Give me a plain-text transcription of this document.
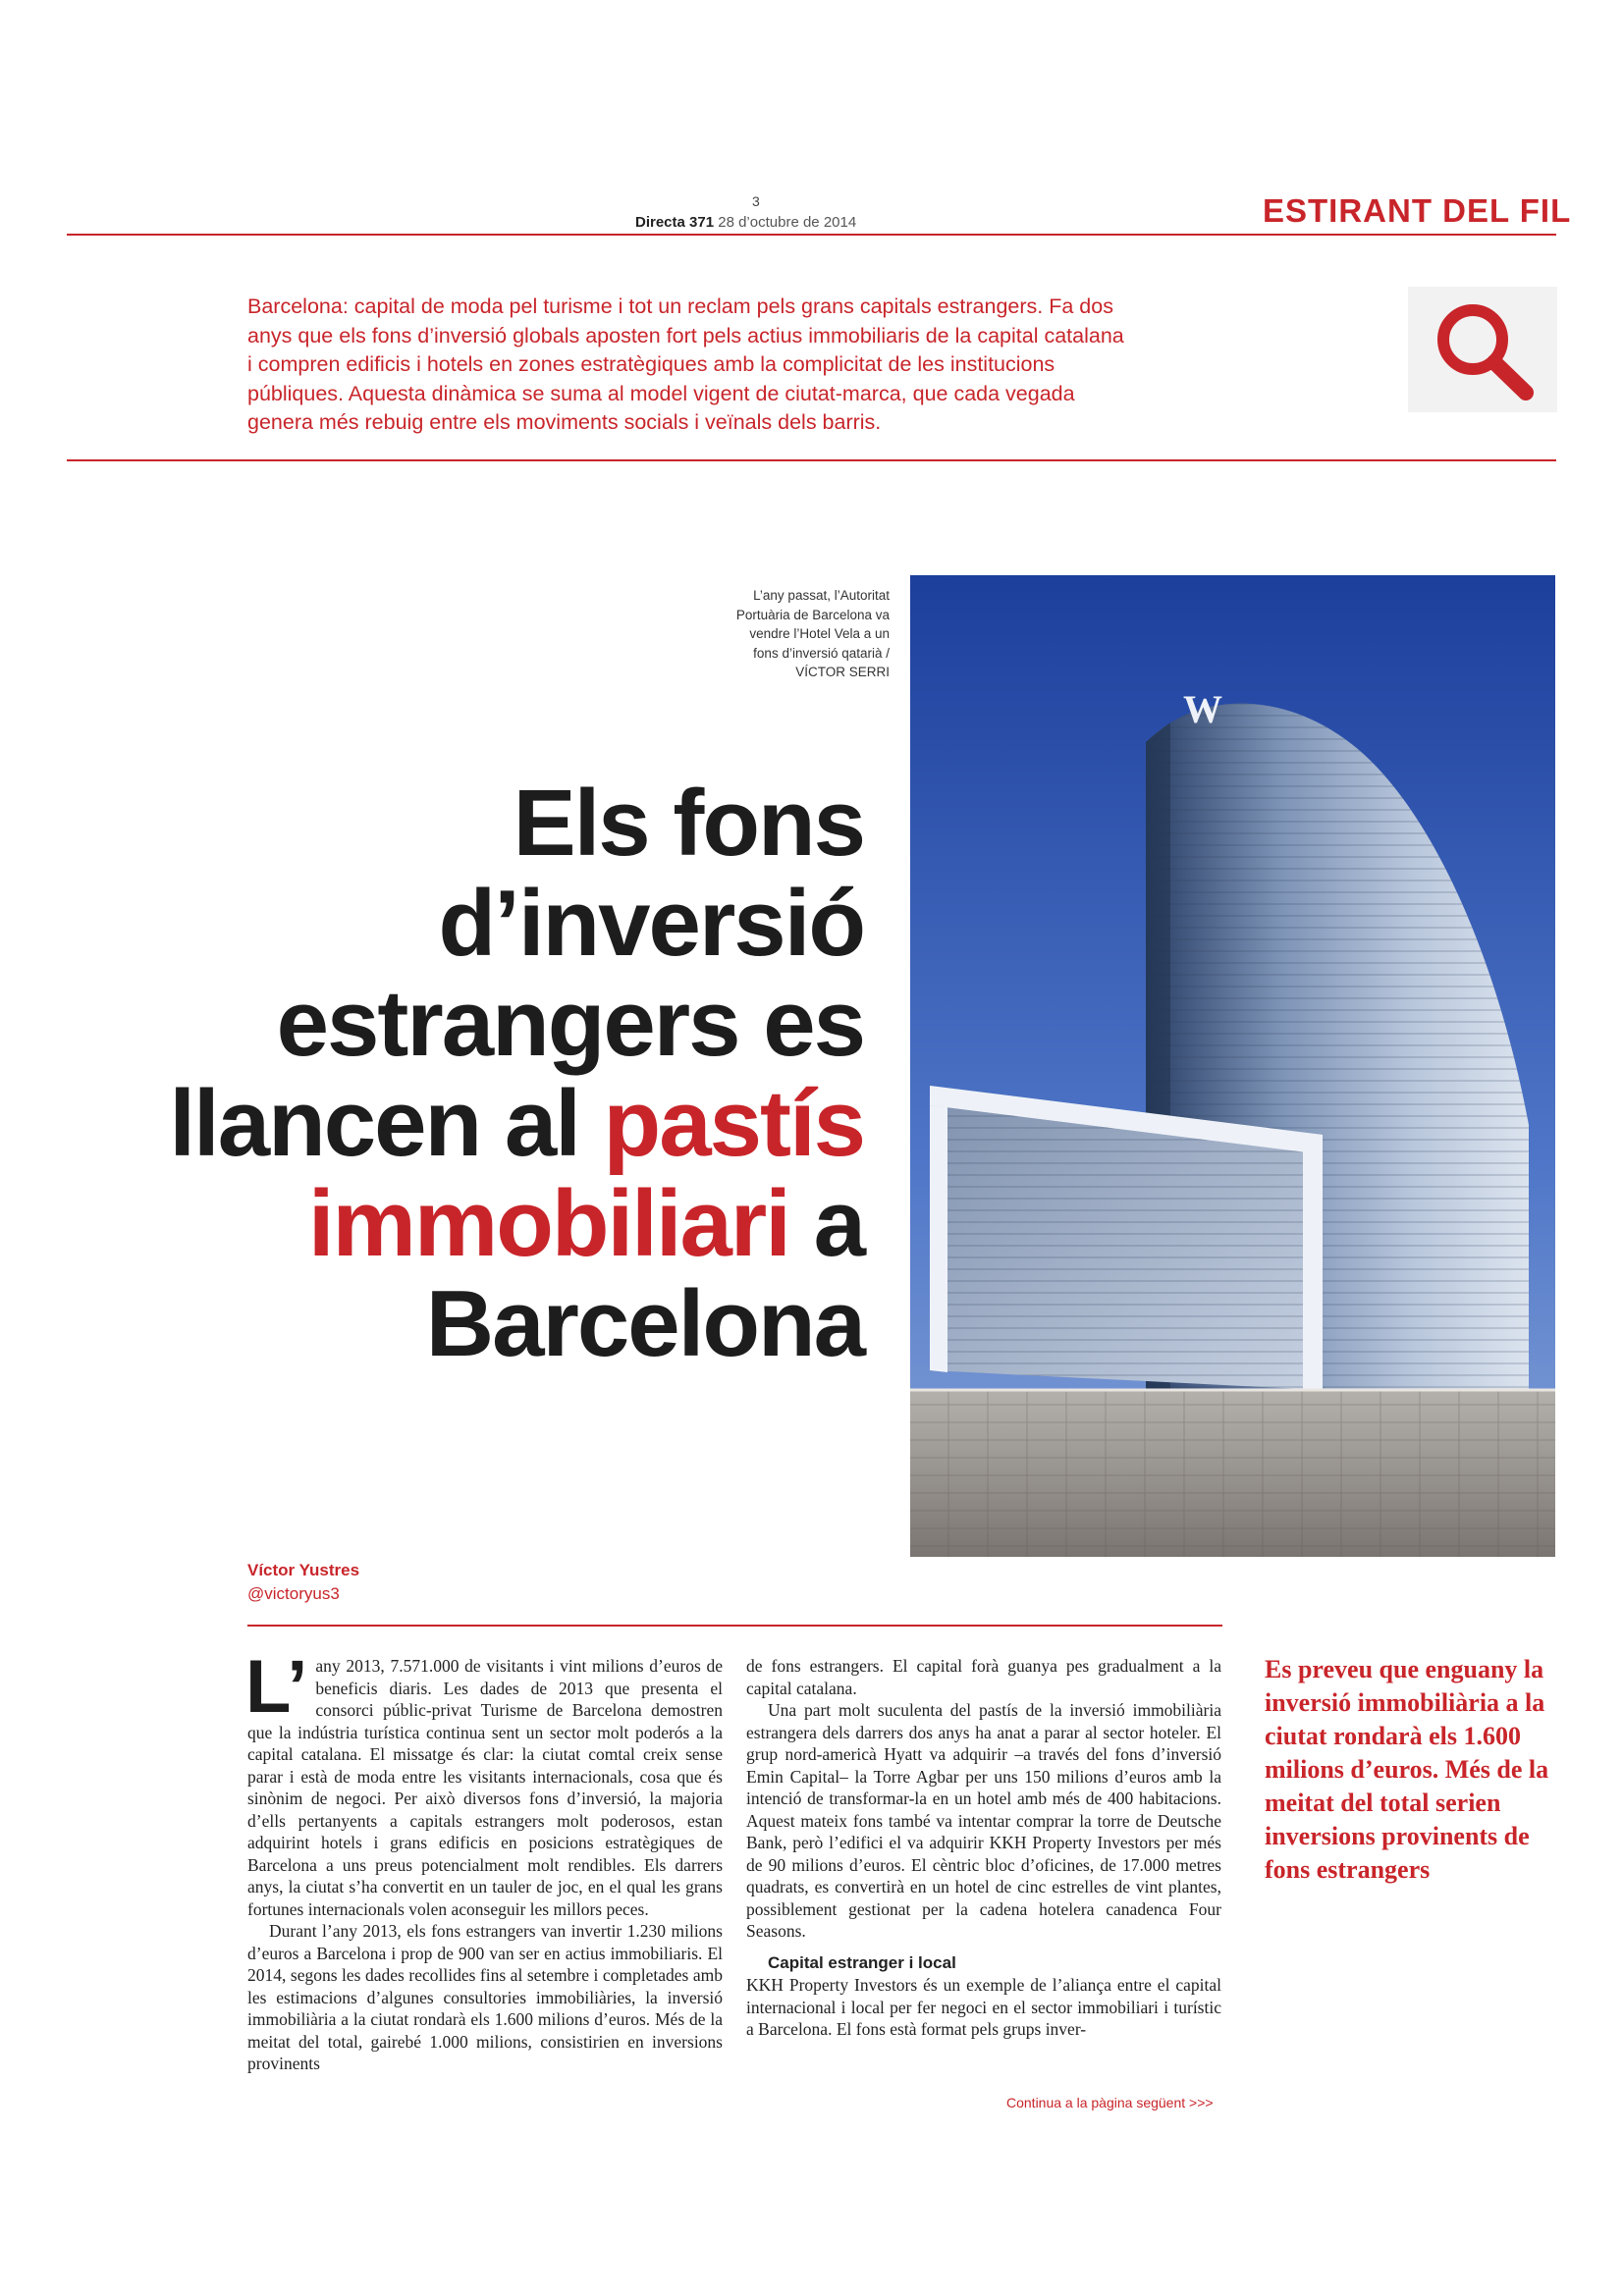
3
Directa 371 28 d’octubre de 2014	ESTIRANT DEL FIL
Barcelona: capital de moda pel turisme i tot un reclam pels grans capitals estrangers. Fa dos anys que els fons d’inversió globals aposten fort pels actius immobiliaris de la capital catalana i compren edificis i hotels en zones estratègiques amb la complicitat de les institucions públiques. Aquesta dinàmica se suma al model vigent de ciutat-marca, que cada vegada genera més rebuig entre els moviments socials i veïnals dels barris.
W
L’any passat, l’Autoritat Portuària de Barcelona va vendre l’Hotel Vela a un fons d’inversió qatarià / VÍCTOR SERRI
Els fons
d’inversió
estrangers es
llancen al pastís
immobiliari a
Barcelona
Víctor Yustres
@victoryus3

L’ any 2013, 7.571.000 de visitants i vint milions d’euros de beneficis diaris. Les dades de 2013 que presenta el consorci públic-privat Turisme de Barcelona demostren que la indústria turística continua sent un sector molt poderós a la capital catalana. El missatge és clar: la ciutat comtal creix sense parar i està de moda entre les visitants internacionals, cosa que és sinònim de negoci. Per això diversos fons d’inversió, la majoria d’ells pertanyents a capitals estrangers molt poderosos, estan adquirint hotels i grans edificis en posicions estratègiques de Barcelona a uns preus potencialment molt rendibles. Els darrers anys, la ciutat s’ha convertit en un tauler de joc, en el qual les grans fortunes internacionals volen aconseguir les millors peces.

Durant l’any 2013, els fons estrangers van invertir 1.230 milions d’euros a Barcelona i prop de 900 van ser en actius immobiliaris. El 2014, segons les dades recollides fins al setembre i completades amb les estimacions d’algunes consultories immobiliàries, la inversió immobiliària a la ciutat rondarà els 1.600 milions d’euros. Més de la meitat del total, gairebé 1.000 milions, consistirien en inversions provinents

de fons estrangers. El capital forà guanya pes gradualment a la capital catalana.

Una part molt suculenta del pastís de la inversió immobiliària estrangera dels darrers dos anys ha anat a parar al sector hoteler. El grup nord-americà Hyatt va adquirir –a través del fons d’inversió Emin Capital– la Torre Agbar per uns 150 milions d’euros amb la intenció de transformar-la en un hotel amb més de 400 habitacions. Aquest mateix fons també va intentar comprar la torre de Deutsche Bank, però l’edifici el va adquirir KKH Property Investors per més de 90 milions d’euros. El cèntric bloc d’oficines, de 17.000 metres quadrats, es convertirà en un hotel de cinc estrelles de vint plantes, possiblement gestionat per la cadena hotelera canadenca Four Seasons.

Capital estranger i local

KKH Property Investors és un exemple de l’aliança entre el capital internacional i local per fer negoci en el sector immobiliari i turístic a Barcelona. El fons està format pels grups inver-

Continua a la pàgina següent >>>
Es preveu que enguany la inversió immobiliària a la ciutat rondarà els 1.600 milions d’euros. Més de la meitat del total serien inversions provinents de fons estrangers
